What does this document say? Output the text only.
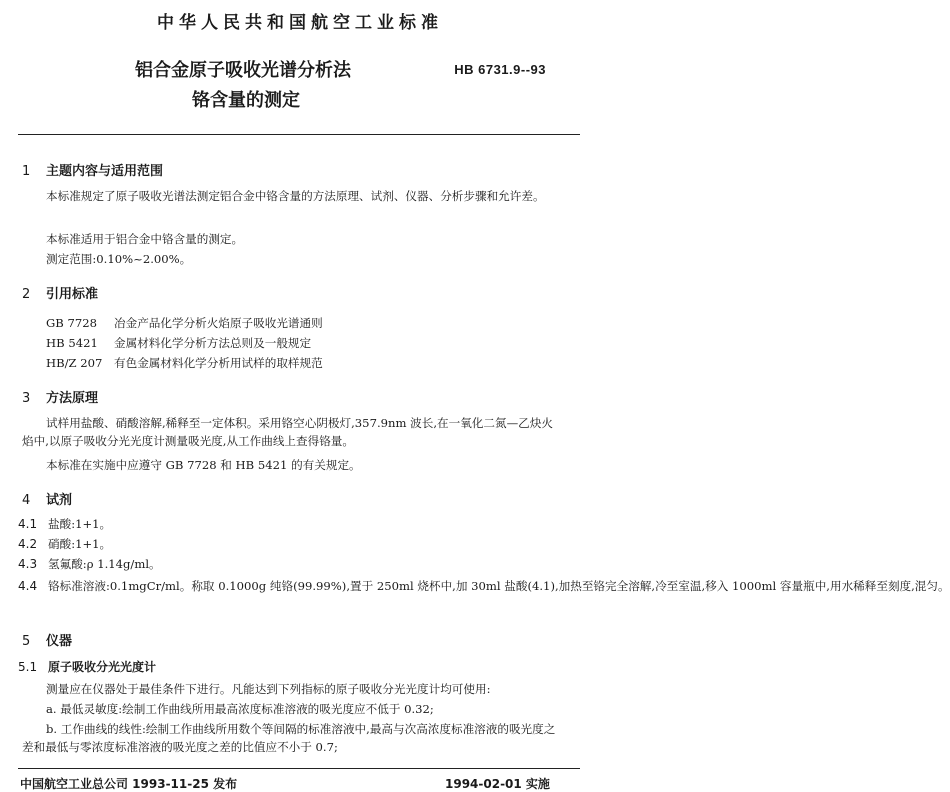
中华人民共和国航空工业标准
铝合金原子吸收光谱分析法	HB 6731.9--93
铬含量的测定
1 主题内容与适用范围
本标准规定了原子吸收光谱法测定铝合金中铬含量的方法原理、试剂、仪器、分析步骤和允许差。
本标准适用于铝合金中铬含量的测定。
测定范围:0.10%~2.00%。
2 引用标准
GB 7728 冶金产品化学分析火焰原子吸收光谱通则
HB 5421 金属材料化学分析方法总则及一般规定
HB/Z 207 有色金属材料化学分析用试样的取样规范
3 方法原理
试样用盐酸、硝酸溶解,稀释至一定体积。采用铬空心阴极灯,357.9nm 波长,在一氧化二氮—乙炔火焰中,以原子吸收分光光度计测量吸光度,从工作曲线上查得铬量。
本标准在实施中应遵守 GB 7728 和 HB 5421 的有关规定。
4 试剂
4.1 盐酸:1+1。
4.2 硝酸:1+1。
4.3 氢氟酸:ρ 1.14g/ml。
4.4 铬标准溶液:0.1mgCr/ml。称取 0.1000g 纯铬(99.99%),置于 250ml 烧杯中,加 30ml 盐酸(4.1),加热至铬完全溶解,冷至室温,移入 1000ml 容量瓶中,用水稀释至刻度,混匀。
5 仪器
5.1 原子吸收分光光度计
测量应在仪器处于最佳条件下进行。凡能达到下列指标的原子吸收分光光度计均可使用:
a. 最低灵敏度:绘制工作曲线所用最高浓度标准溶液的吸光度应不低于 0.32;
b. 工作曲线的线性:绘制工作曲线所用数个等间隔的标准溶液中,最高与次高浓度标准溶液的吸光度之差和最低与零浓度标准溶液的吸光度之差的比值应不小于 0.7;
中国航空工业总公司 1993-11-25 发布	1994-02-01 实施
